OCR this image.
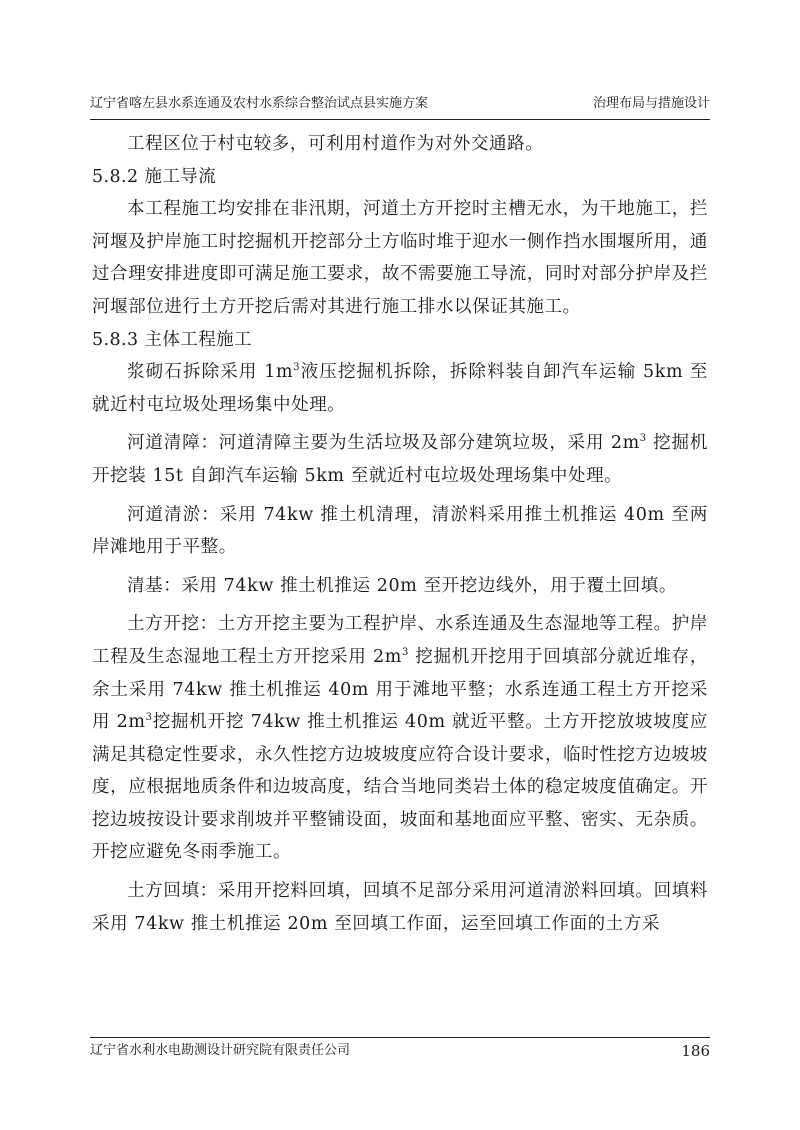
辽宁省喀左县水系连通及农村水系综合整治试点县实施方案	治理布局与措施设计

工程区位于村屯较多，可利用村道作为对外交通路。

5.8.2 施工导流

本工程施工均安排在非汛期，河道土方开挖时主槽无水，为干地施工，拦河堰及护岸施工时挖掘机开挖部分土方临时堆于迎水一侧作挡水围堰所用，通过合理安排进度即可满足施工要求，故不需要施工导流，同时对部分护岸及拦河堰部位进行土方开挖后需对其进行施工排水以保证其施工。

5.8.3 主体工程施工

浆砌石拆除采用 $1m^3$液压挖掘机拆除，拆除料装自卸汽车运输 5km 至就近村屯垃圾处理场集中处理。

河道清障：河道清障主要为生活垃圾及部分建筑垃圾，采用 $2m^3$ 挖掘机开挖装 15t 自卸汽车运输 5km 至就近村屯垃圾处理场集中处理。

河道清淤：采用 74kw 推土机清理，清淤料采用推土机推运 40m 至两岸滩地用于平整。

清基：采用 74kw 推土机推运 20m 至开挖边线外，用于覆土回填。

土方开挖：土方开挖主要为工程护岸、水系连通及生态湿地等工程。护岸工程及生态湿地工程土方开挖采用 $2m^3$ 挖掘机开挖用于回填部分就近堆存，余土采用 74kw 推土机推运 40m 用于滩地平整；水系连通工程土方开挖采用 $2m^3$挖掘机开挖 74kw 推土机推运 40m 就近平整。土方开挖放坡坡度应满足其稳定性要求，永久性挖方边坡坡度应符合设计要求，临时性挖方边坡坡度，应根据地质条件和边坡高度，结合当地同类岩土体的稳定坡度值确定。开挖边坡按设计要求削坡并平整铺设面，坡面和基地面应平整、密实、无杂质。开挖应避免冬雨季施工。

土方回填：采用开挖料回填，回填不足部分采用河道清淤料回填。回填料采用 74kw 推土机推运 20m 至回填工作面，运至回填工作面的土方采

辽宁省水利水电勘测设计研究院有限责任公司	186
